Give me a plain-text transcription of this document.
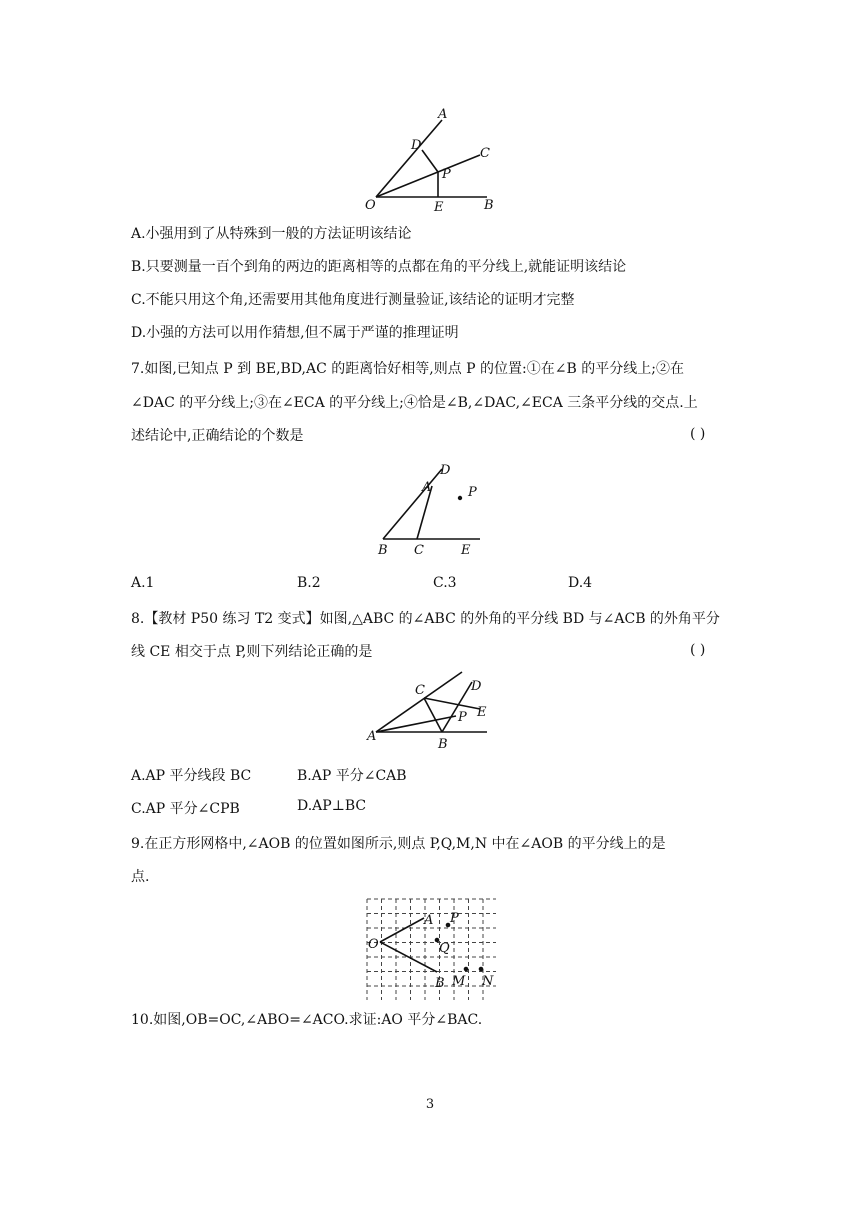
A
D
C
P
O	E	B
A.小强用到了从特殊到一般的方法证明该结论
B.只要测量一百个到角的两边的距离相等的点都在角的平分线上,就能证明该结论
C.不能只用这个角,还需要用其他角度进行测量验证,该结论的证明才完整
D.小强的方法可以用作猜想,但不属于严谨的推理证明
7.如图,已知点 P 到 BE,BD,AC 的距离恰好相等,则点 P 的位置:①在∠B 的平分线上;②在
∠DAC 的平分线上;③在∠ECA 的平分线上;④恰是∠B,∠DAC,∠ECA 三条平分线的交点.上
述结论中,正确结论的个数是	( )
D
A	P
B C	E
A.1	B.2	C.3	D.4
8.【教材 P50 练习 T2 变式】如图,△ABC 的∠ABC 的外角的平分线 BD 与∠ACB 的外角平分
线 CE 相交于点 P,则下列结论正确的是	( )
C	D
P E
A
B
A.AP 平分线段 BC	B.AP 平分∠CAB
C.AP 平分∠CPB	D.AP⊥BC
9.在正方形网格中,∠AOB 的位置如图所示,则点 P,Q,M,N 中在∠AOB 的平分线上的是
点.
A P
O	Q
B M N
10.如图,OB=OC,∠ABO=∠ACO.求证:AO 平分∠BAC.
3
